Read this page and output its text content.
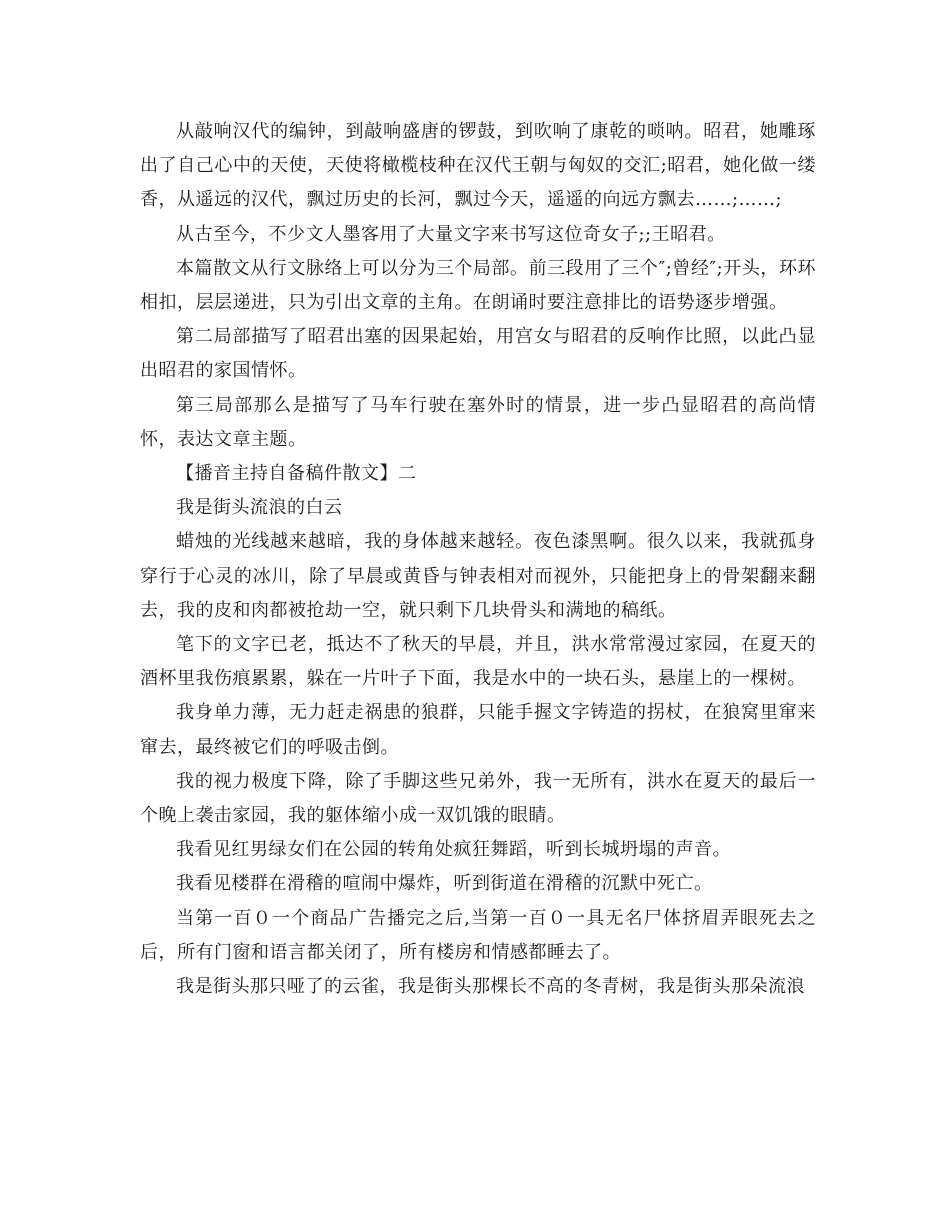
从敲响汉代的编钟，到敲响盛唐的锣鼓，到吹响了康乾的唢呐。昭君，她雕琢出了自己心中的天使，天使将橄榄枝种在汉代王朝与匈奴的交汇;昭君，她化做一缕香，从遥远的汉代，飘过历史的长河，飘过今天，遥遥的向远方飘去……;……;

从古至今，不少文人墨客用了大量文字来书写这位奇女子;;王昭君。

本篇散文从行文脉络上可以分为三个局部。前三段用了三个″;曾经″;开头，环环相扣，层层递进，只为引出文章的主角。在朗诵时要注意排比的语势逐步增强。

第二局部描写了昭君出塞的因果起始，用宫女与昭君的反响作比照，以此凸显出昭君的家国情怀。

第三局部那么是描写了马车行驶在塞外时的情景，进一步凸显昭君的高尚情怀，表达文章主题。

【播音主持自备稿件散文】二

我是街头流浪的白云

蜡烛的光线越来越暗，我的身体越来越轻。夜色漆黑啊。很久以来，我就孤身穿行于心灵的冰川，除了早晨或黄昏与钟表相对而视外，只能把身上的骨架翻来翻去，我的皮和肉都被抢劫一空，就只剩下几块骨头和满地的稿纸。

笔下的文字已老，抵达不了秋天的早晨，并且，洪水常常漫过家园，在夏天的酒杯里我伤痕累累，躲在一片叶子下面，我是水中的一块石头，悬崖上的一棵树。

我身单力薄，无力赶走祸患的狼群，只能手握文字铸造的拐杖，在狼窝里窜来窜去，最终被它们的呼吸击倒。

我的视力极度下降，除了手脚这些兄弟外，我一无所有，洪水在夏天的最后一个晚上袭击家园，我的躯体缩小成一双饥饿的眼睛。

我看见红男绿女们在公园的转角处疯狂舞蹈，听到长城坍塌的声音。

我看见楼群在滑稽的喧闹中爆炸，听到街道在滑稽的沉默中死亡。

当第一百０一个商品广告播完之后,当第一百０一具无名尸体挤眉弄眼死去之后，所有门窗和语言都关闭了，所有楼房和情感都睡去了。

我是街头那只哑了的云雀，我是街头那棵长不高的冬青树，我是街头那朵流浪
